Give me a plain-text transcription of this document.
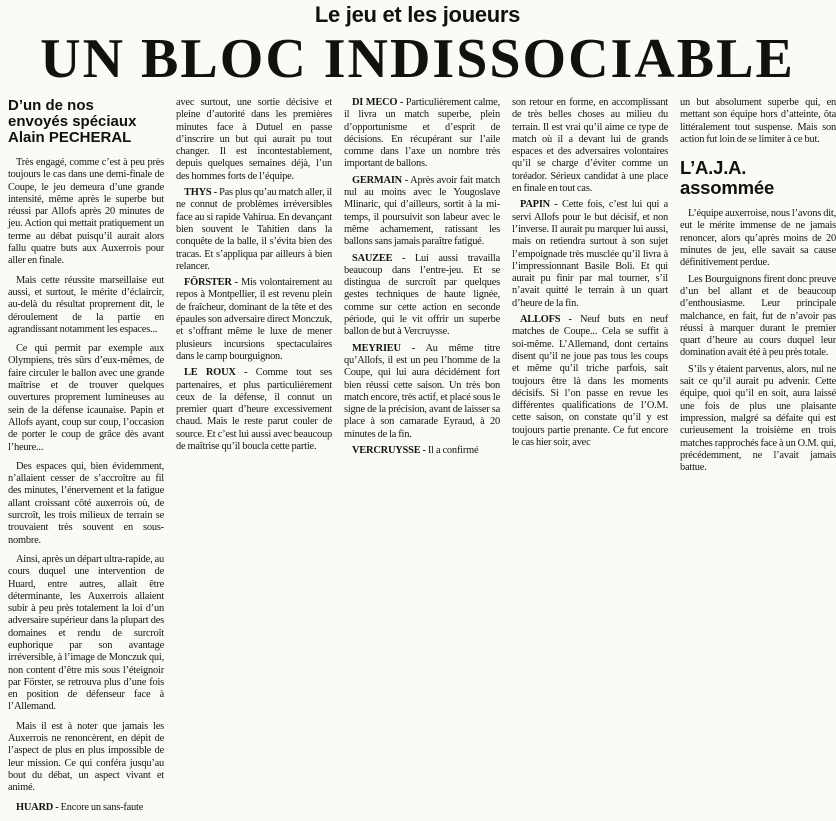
Le jeu et les joueurs
UN BLOC INDISSOCIABLE
D’un de nos
envoyés spéciaux
Alain PECHERAL

Très engagé, comme c’est à peu près toujours le cas dans une demi-finale de Coupe, le jeu demeura d’une grande intensité, même après le superbe but réussi par Allofs après 20 minutes de jeu. Action qui mettait pratiquement un terme au débat puisqu’il aurait alors fallu quatre buts aux Auxerrois pour aller en finale.

Mais cette réussite marseillaise eut aussi, et surtout, le mérite d’éclaircir, au-delà du résultat proprement dit, le déroulement de la partie en agrandissant notamment les espaces...

Ce qui permit par exemple aux Olympiens, très sûrs d’eux-mêmes, de faire circuler le ballon avec une grande maîtrise et de trouver quelques ouvertures proprement lumineuses au sein de la défense icaunaise. Papin et Allofs ayant, coup sur coup, l’occasion de porter le coup de grâce dès avant l’heure...

Des espaces qui, bien évidemment, n’allaient cesser de s’accroître au fil des minutes, l’énervement et la fatigue allant croissant côté auxerrois où, de surcroît, les trois milieux de terrain se trouvaient très souvent en sous-nombre.

Ainsi, après un départ ultra-rapide, au cours duquel une intervention de Huard, entre autres, allait être déterminante, les Auxerrois allaient subir à peu près totalement la loi d’un adversaire supérieur dans la plupart des domaines et rendu de surcroît euphorique par son avantage irréversible, à l’image de Monczuk qui, non content d’être mis sous l’éteignoir par Förster, se retrouva plus d’une fois en position de défenseur face à l’Allemand.

Mais il est à noter que jamais les Auxerrois ne renoncèrent, en dépit de l’aspect de plus en plus impossible de leur mission. Ce qui conféra jusqu’au bout du débat, un aspect vivant et animé.

HUARD - Encore un sans-faute

avec surtout, une sortie décisive et pleine d’autorité dans les premières minutes face à Dutuel en passe d’inscrire un but qui aurait pu tout changer. Il est incontestablement, depuis quelques semaines déjà, l’un des hommes forts de l’équipe.

THYS - Pas plus qu’au match aller, il ne connut de problèmes irréversibles face au si rapide Vahirua. En devançant bien souvent le Tahitien dans la conquête de la balle, il s’évita bien des tracas. Et s’appliqua par ailleurs à bien relancer.

FÖRSTER - Mis volontairement au repos à Montpellier, il est revenu plein de fraîcheur, dominant de la tête et des épaules son adversaire direct Monczuk, et s’offrant même le luxe de mener plusieurs incursions spectaculaires dans le camp bourguignon.

LE ROUX - Comme tout ses partenaires, et plus particulièrement ceux de la défense, il connut un premier quart d’heure excessivement chaud. Mais le reste parut couler de source. Et c’est lui aussi avec beaucoup de maîtrise qu’il boucla cette partie.

DI MECO - Particulièrement calme, il livra un match superbe, plein d’opportunisme et d’esprit de décisions. En récupérant sur l’aile comme dans l’axe un nombre très important de ballons.

GERMAIN - Après avoir fait match nul au moins avec le Yougoslave Mlinaric, qui d’ailleurs, sortit à la mi-temps, il poursuivit son labeur avec le même acharnement, ratissant les ballons sans jamais paraître fatigué.

SAUZEE - Lui aussi travailla beaucoup dans l’entre-jeu. Et se distingua de surcroît par quelques gestes techniques de haute lignée, comme sur cette action en seconde période, qui le vit offrir un superbe ballon de but à Vercruysse.

MEYRIEU - Au même titre qu’Allofs, il est un peu l’homme de la Coupe, qui lui aura décidément fort bien réussi cette saison. Un très bon match encore, très actif, et placé sous le signe de la précision, avant de laisser sa place à son camarade Eyraud, à 20 minutes de la fin.

VERCRUYSSE - Il a confirmé

son retour en forme, en accomplissant de très belles choses au milieu du terrain. Il est vrai qu’il aime ce type de match où il a devant lui de grands espaces et des adversaires volontaires qu’il se charge d’éviter comme un toréador. Sérieux candidat à une place en finale en tout cas.

PAPIN - Cette fois, c’est lui qui a servi Allofs pour le but décisif, et non l’inverse. Il aurait pu marquer lui aussi, mais on retiendra surtout à son sujet l’empoignade très musclée qu’il livra à l’impressionnant Basile Boli. Et qui aurait pu finir par mal tourner, s’il n’avait quitté le terrain à un quart d’heure de la fin.

ALLOFS - Neuf buts en neuf matches de Coupe... Cela se suffit à soi-même. L’Allemand, dont certains disent qu’il ne joue pas tous les coups et même qu’il triche parfois, sait toujours être là dans les moments décisifs. Si l’on passe en revue les différentes qualifications de l’O.M. cette saison, on constate qu’il y est toujours partie prenante. Ce fut encore le cas hier soir, avec

un but absolument superbe qui, en mettant son équipe hors d’atteinte, ôta littéralement tout suspense. Mais son action fut loin de se limiter à ce but.

L’A.J.A. assommée

L’équipe auxerroise, nous l’avons dit, eut le mérite immense de ne jamais renoncer, alors qu’après moins de 20 minutes de jeu, elle savait sa cause définitivement perdue.

Les Bourguignons firent donc preuve d’un bel allant et de beaucoup d’enthousiasme. Leur principale malchance, en fait, fut de n’avoir pas réussi à marquer durant le premier quart d’heure au cours duquel leur domination avait été à peu près totale.

S’ils y étaient parvenus, alors, nul ne sait ce qu’il aurait pu advenir. Cette équipe, quoi qu’il en soit, aura laissé une fois de plus une plaisante impression, malgré sa défaite qui est curieusement la troisième en trois matches rapprochés face à un O.M. qui, précédemment, ne l’avait jamais battue.
